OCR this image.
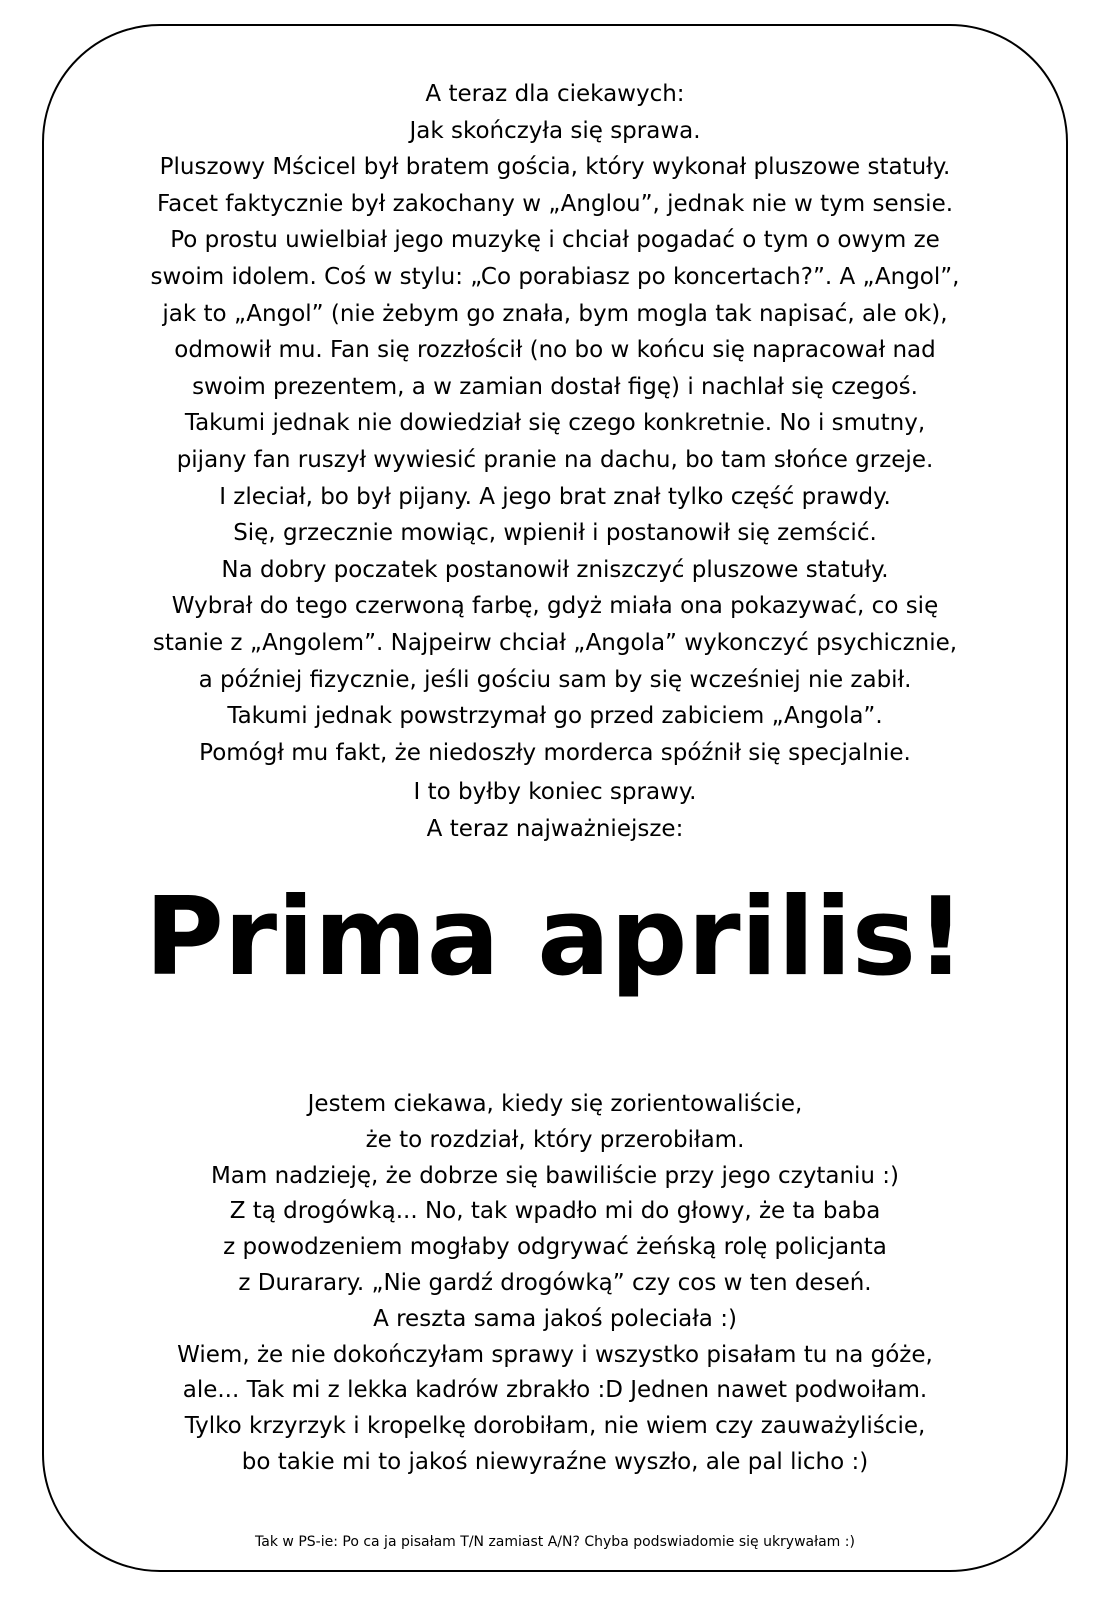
A teraz dla ciekawych:
Jak skończyła się sprawa.
Pluszowy Mścicel był bratem gościa, który wykonał pluszowe statuły.
Facet faktycznie był zakochany w „Anglou”, jednak nie w tym sensie.
Po prostu uwielbiał jego muzykę i chciał pogadać o tym o owym ze
swoim idolem. Coś w stylu: „Co porabiasz po koncertach?”. A „Angol”,
jak to „Angol” (nie żebym go znała, bym mogla tak napisać, ale ok),
odmowił mu. Fan się rozzłościł (no bo w końcu się napracował nad
swoim prezentem, a w zamian dostał figę) i nachlał się czegoś.
Takumi jednak nie dowiedział się czego konkretnie. No i smutny,
pijany fan ruszył wywiesić pranie na dachu, bo tam słońce grzeje.
I zleciał, bo był pijany. A jego brat znał tylko część prawdy.
Się, grzecznie mowiąc, wpienił i postanowił się zemścić.
Na dobry poczatek postanowił zniszczyć pluszowe statuły.
Wybrał do tego czerwoną farbę, gdyż miała ona pokazywać, co się
stanie z „Angolem”. Najpeirw chciał „Angola” wykonczyć psychicznie,
a później fizycznie, jeśli gościu sam by się wcześniej nie zabił.
Takumi jednak powstrzymał go przed zabiciem „Angola”.
Pomógł mu fakt, że niedoszły morderca spóźnił się specjalnie.
I to byłby koniec sprawy.
A teraz najważniejsze:
Prima aprilis!
Jestem ciekawa, kiedy się zorientowaliście,
że to rozdział, który przerobiłam.
Mam nadzieję, że dobrze się bawiliście przy jego czytaniu :)
Z tą drogówką... No, tak wpadło mi do głowy, że ta baba
z powodzeniem mogłaby odgrywać żeńską rolę policjanta
z Durarary. „Nie gardź drogówką” czy cos w ten deseń.
A reszta sama jakoś poleciała :)
Wiem, że nie dokończyłam sprawy i wszystko pisałam tu na góże,
ale... Tak mi z lekka kadrów zbrakło :D Jednen nawet podwoiłam.
Tylko krzyrzyk i kropelkę dorobiłam, nie wiem czy zauważyliście,
bo takie mi to jakoś niewyraźne wyszło, ale pal licho :)
Tak w PS-ie: Po ca ja pisałam T/N zamiast A/N? Chyba podswiadomie się ukrywałam :)
